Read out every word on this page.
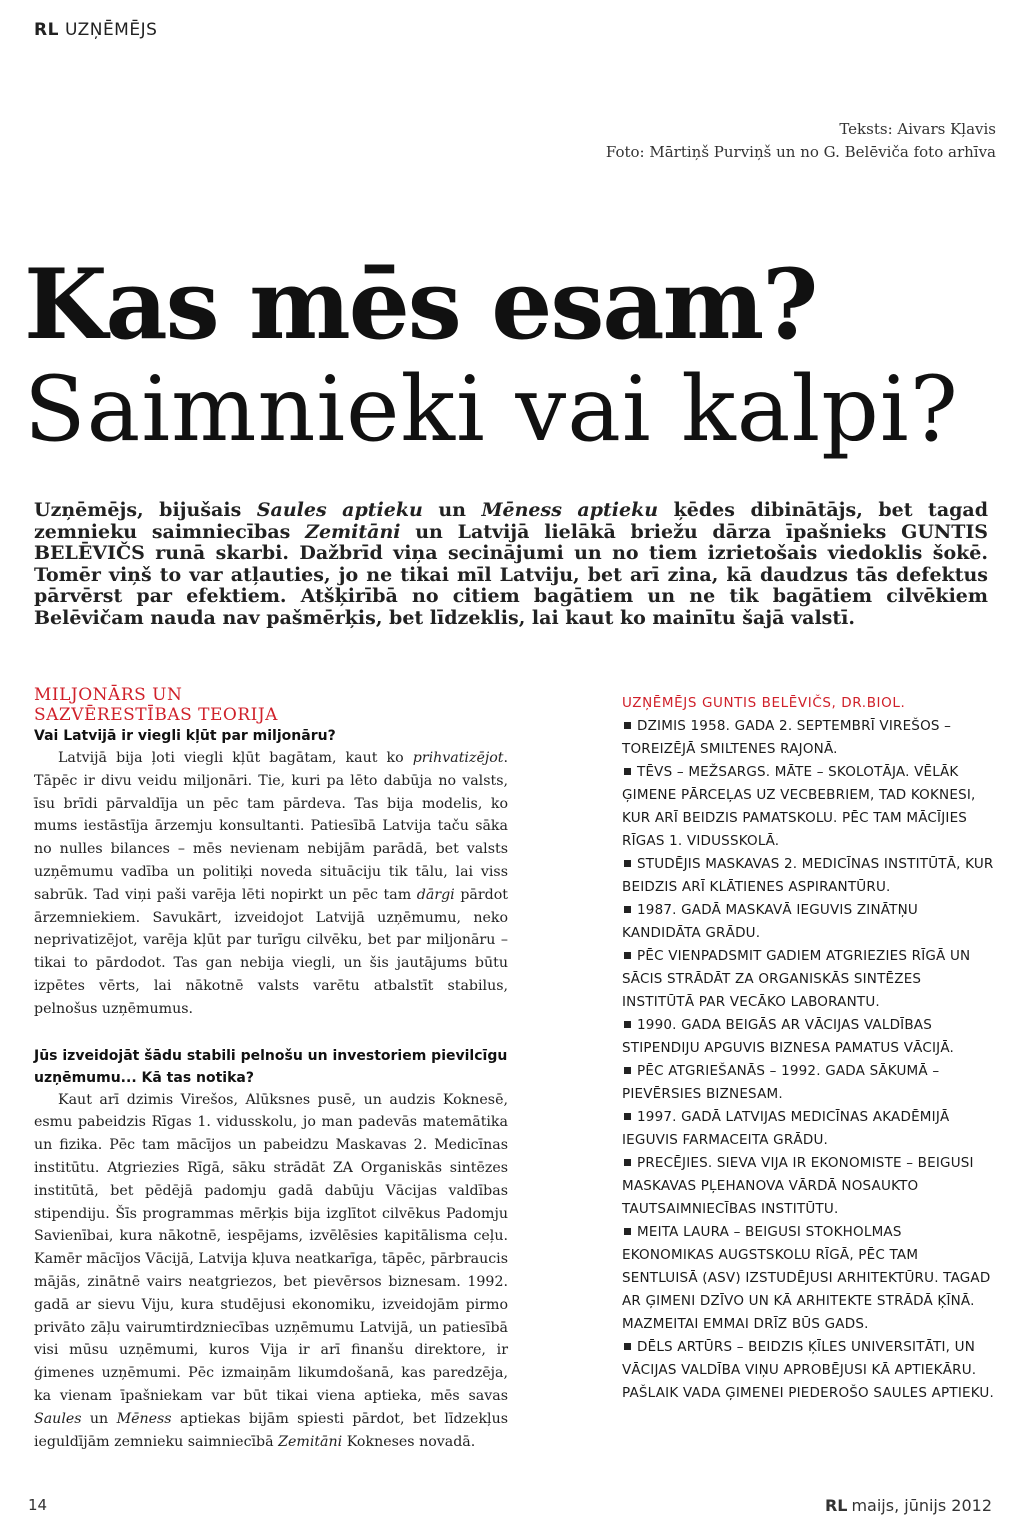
RL UZŅĒMĒJS
Teksts: Aivars Kļavis
Foto: Mārtiņš Purviņš un no G. Belēviča foto arhīva
Kas mēs esam?
Saimnieki vai kalpi?
Uzņēmējs, bijušais Saules aptieku un Mēness aptieku ķēdes dibinātājs, bet tagad zemnieku saimniecības Zemitāni un Latvijā lielākā briežu dārza īpašnieks GUNTIS BELĒVIČS runā skarbi. Dažbrīd viņa secinājumi un no tiem izrietošais viedoklis šokē. Tomēr viņš to var atļauties, jo ne tikai mīl Latviju, bet arī zina, kā daudzus tās defektus pārvērst par efektiem. Atšķirībā no citiem bagātiem un ne tik bagātiem cilvēkiem Belēvičam nauda nav pašmērķis, bet līdzeklis, lai kaut ko mainītu šajā valstī.
MILJONĀRS UN
SAZVĒRESTĪBAS TEORIJA

Vai Latvijā ir viegli kļūt par miljonāru?

Latvijā bija ļoti viegli kļūt bagātam, kaut ko prihvatizējot. Tāpēc ir divu veidu miljonāri. Tie, kuri pa lēto dabūja no valsts, īsu brīdi pārvaldīja un pēc tam pārdeva. Tas bija modelis, ko mums iestāstīja ārzemju konsultanti. Patiesībā Latvija taču sāka no nulles bilances – mēs nevienam nebijām parādā, bet valsts uzņēmumu vadība un politiķi noveda situāciju tik tālu, lai viss sabrūk. Tad viņi paši varēja lēti nopirkt un pēc tam dārgi pārdot ārzemniekiem. Savukārt, izveidojot Latvijā uzņēmumu, neko neprivatizējot, varēja kļūt par turīgu cilvēku, bet par miljonāru – tikai to pārdodot. Tas gan nebija viegli, un šis jautājums būtu izpētes vērts, lai nākotnē valsts varētu atbalstīt stabilus, pelnošus uzņēmumus.

Jūs izveidojāt šādu stabili pelnošu un investoriem pievilcīgu uzņēmumu... Kā tas notika?

Kaut arī dzimis Virešos, Alūksnes pusē, un audzis Koknesē, esmu pabeidzis Rīgas 1. vidusskolu, jo man padevās matemātika un fizika. Pēc tam mācījos un pabeidzu Maskavas 2. Medicīnas institūtu. Atgriezies Rīgā, sāku strādāt ZA Organiskās sintēzes institūtā, bet pēdējā padomju gadā dabūju Vācijas valdības stipendiju. Šīs programmas mērķis bija izglītot cilvēkus Padomju Savienībai, kura nākotnē, iespējams, izvēlēsies kapitālisma ceļu. Kamēr mācījos Vācijā, Latvija kļuva neatkarīga, tāpēc, pārbraucis mājās, zinātnē vairs neatgriezos, bet pievērsos biznesam. 1992. gadā ar sievu Viju, kura studējusi ekonomiku, izveidojām pirmo privāto zāļu vairumtirdzniecības uzņēmumu Latvijā, un patiesībā visi mūsu uzņēmumi, kuros Vija ir arī finanšu direktore, ir ģimenes uzņēmumi. Pēc izmaiņām likumdošanā, kas paredzēja, ka vienam īpašniekam var būt tikai viena aptieka, mēs savas Saules un Mēness aptiekas bijām spiesti pārdot, bet līdzekļus ieguldījām zemnieku saimniecībā Zemitāni Kokneses novadā.

UZŅĒMĒJS GUNTIS BELĒVIČS, DR.BIOL.
DZIMIS 1958. GADA 2. SEPTEMBRĪ VIREŠOS – TOREIZĒJĀ SMILTENES RAJONĀ.
TĒVS – MEŽSARGS. MĀTE – SKOLOTĀJA. VĒLĀK ĢIMENE PĀRCEĻAS UZ VECBEBRIEM, TAD KOKNESI, KUR ARĪ BEIDZIS PAMATSKOLU. PĒC TAM MĀCĪJIES RĪGAS 1. VIDUSSKOLĀ.
STUDĒJIS MASKAVAS 2. MEDICĪNAS INSTITŪTĀ, KUR BEIDZIS ARĪ KLĀTIENES ASPIRANTŪRU.
1987. GADĀ MASKAVĀ IEGUVIS ZINĀTŅU KANDIDĀTA GRĀDU.
PĒC VIENPADSMIT GADIEM ATGRIEZIES RĪGĀ UN SĀCIS STRĀDĀT ZA ORGANISKĀS SINTĒZES INSTITŪTĀ PAR VECĀKO LABORANTU.
1990. GADA BEIGĀS AR VĀCIJAS VALDĪBAS STIPENDIJU APGUVIS BIZNESA PAMATUS VĀCIJĀ.
PĒC ATGRIEŠANĀS – 1992. GADA SĀKUMĀ – PIEVĒRSIES BIZNESAM.
1997. GADĀ LATVIJAS MEDICĪNAS AKADĒMIJĀ IEGUVIS FARMACEITA GRĀDU.
PRECĒJIES. SIEVA VIJA IR EKONOMISTE – BEIGUSI MASKAVAS PĻEHANOVA VĀRDĀ NOSAUKTO TAUTSAIMNIECĪBAS INSTITŪTU.
MEITA LAURA – BEIGUSI STOKHOLMAS EKONOMIKAS AUGSTSKOLU RĪGĀ, PĒC TAM SENTLUISĀ (ASV) IZSTUDĒJUSI ARHITEKTŪRU. TAGAD AR ĢIMENI DZĪVO UN KĀ ARHITEKTE STRĀDĀ ĶĪNĀ. MAZMEITAI EMMAI DRĪZ BŪS GADS.
DĒLS ARTŪRS – BEIDZIS ĶĪLES UNIVERSITĀTI, UN VĀCIJAS VALDĪBA VIŅU APROBĒJUSI KĀ APTIEKĀRU. PAŠLAIK VADA ĢIMENEI PIEDEROŠO SAULES APTIEKU.
14	RL maijs, jūnijs 2012
